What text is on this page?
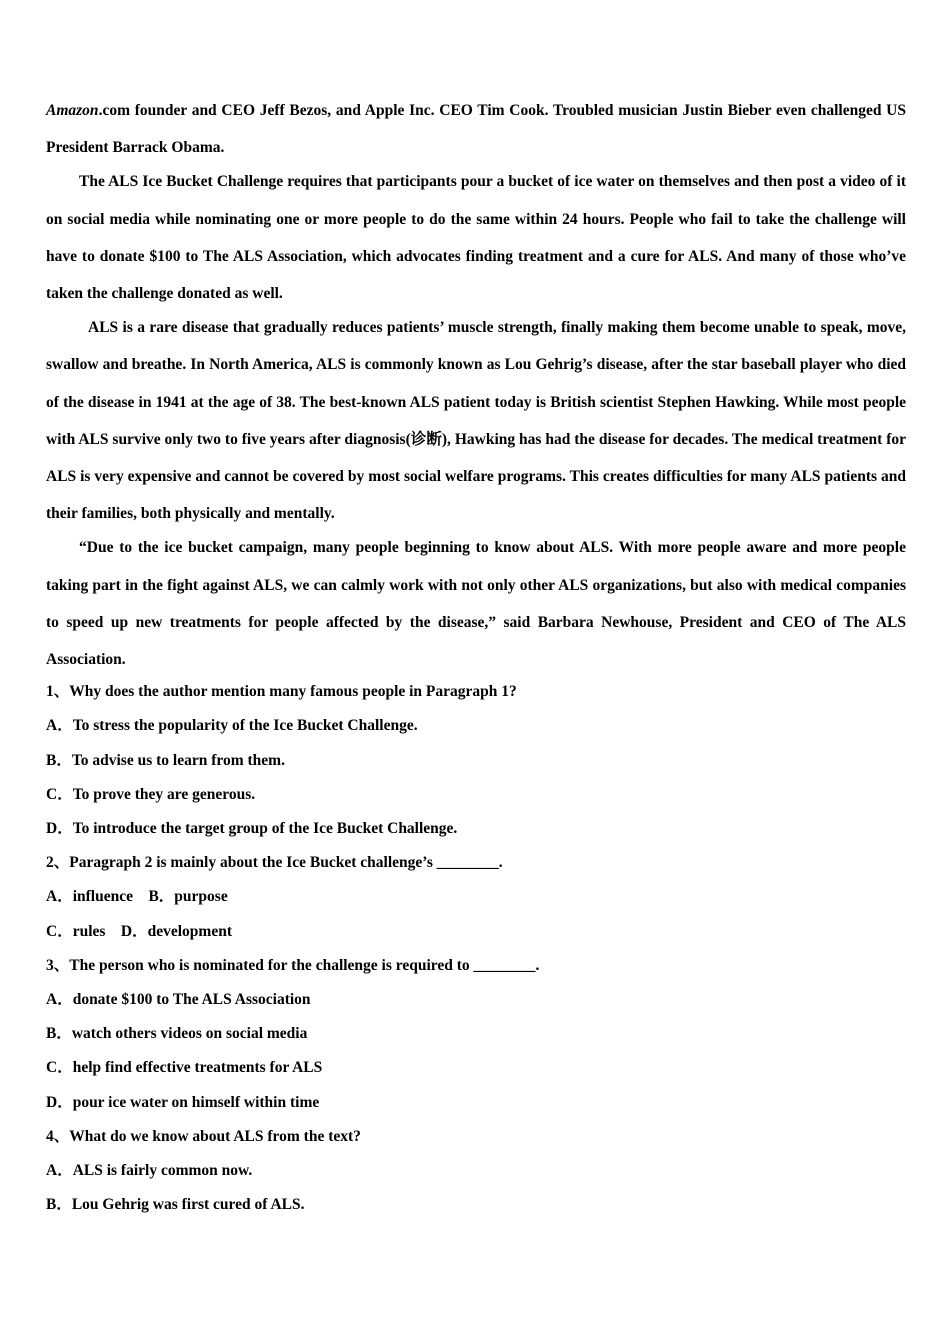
Amazon.com founder and CEO Jeff Bezos, and Apple Inc. CEO Tim Cook. Troubled musician Justin Bieber even challenged US President Barrack Obama.

The ALS Ice Bucket Challenge requires that participants pour a bucket of ice water on themselves and then post a video of it on social media while nominating one or more people to do the same within 24 hours. People who fail to take the challenge will have to donate $100 to The ALS Association, which advocates finding treatment and a cure for ALS. And many of those who’ve taken the challenge donated as well.

ALS is a rare disease that gradually reduces patients’ muscle strength, finally making them become unable to speak, move, swallow and breathe. In North America, ALS is commonly known as Lou Gehrig’s disease, after the star baseball player who died of the disease in 1941 at the age of 38. The best-known ALS patient today is British scientist Stephen Hawking. While most people with ALS survive only two to five years after diagnosis(诊断), Hawking has had the disease for decades. The medical treatment for ALS is very expensive and cannot be covered by most social welfare programs. This creates difficulties for many ALS patients and their families, both physically and mentally.

“Due to the ice bucket campaign, many people beginning to know about ALS. With more people aware and more people taking part in the fight against ALS, we can calmly work with not only other ALS organizations, but also with medical companies to speed up new treatments for people affected by the disease,” said Barbara Newhouse, President and CEO of The ALS Association.

1、Why does the author mention many famous people in Paragraph 1?

A．To stress the popularity of the Ice Bucket Challenge.

B．To advise us to learn from them.

C．To prove they are generous.

D．To introduce the target group of the Ice Bucket Challenge.

2、Paragraph 2 is mainly about the Ice Bucket challenge’s ________.

A．influence    B．purpose

C．rules    D．development

3、The person who is nominated for the challenge is required to ________.

A．donate $100 to The ALS Association

B．watch others videos on social media

C．help find effective treatments for ALS

D．pour ice water on himself within time

4、What do we know about ALS from the text?

A．ALS is fairly common now.

B．Lou Gehrig was first cured of ALS.
